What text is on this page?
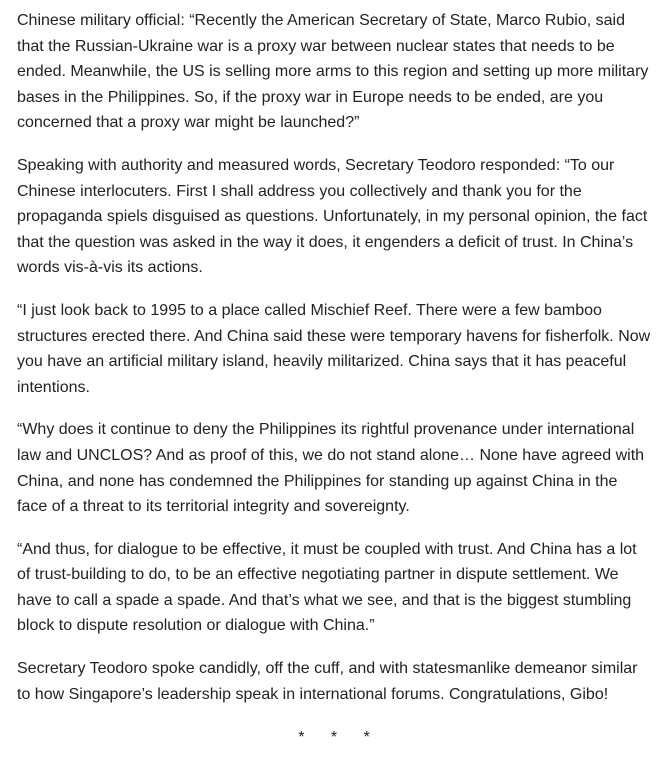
Chinese military official: “Recently the American Secretary of State, Marco Rubio, said that the Russian-Ukraine war is a proxy war between nuclear states that needs to be ended. Meanwhile, the US is selling more arms to this region and setting up more military bases in the Philippines. So, if the proxy war in Europe needs to be ended, are you concerned that a proxy war might be launched?”

Speaking with authority and measured words, Secretary Teodoro responded: “To our Chinese interlocuters. First I shall address you collectively and thank you for the propaganda spiels disguised as questions. Unfortunately, in my personal opinion, the fact that the question was asked in the way it does, it engenders a deficit of trust. In China’s words vis-à-vis its actions.

“I just look back to 1995 to a place called Mischief Reef. There were a few bamboo structures erected there. And China said these were temporary havens for fisherfolk. Now you have an artificial military island, heavily militarized. China says that it has peaceful intentions.

“Why does it continue to deny the Philippines its rightful provenance under international law and UNCLOS? And as proof of this, we do not stand alone… None have agreed with China, and none has condemned the Philippines for standing up against China in the face of a threat to its territorial integrity and sovereignty.

“And thus, for dialogue to be effective, it must be coupled with trust. And China has a lot of trust-building to do, to be an effective negotiating partner in dispute settlement. We have to call a spade a spade. And that’s what we see, and that is the biggest stumbling block to dispute resolution or dialogue with China.”

Secretary Teodoro spoke candidly, off the cuff, and with statesmanlike demeanor similar to how Singapore’s leadership speak in international forums. Congratulations, Gibo!

* * *
